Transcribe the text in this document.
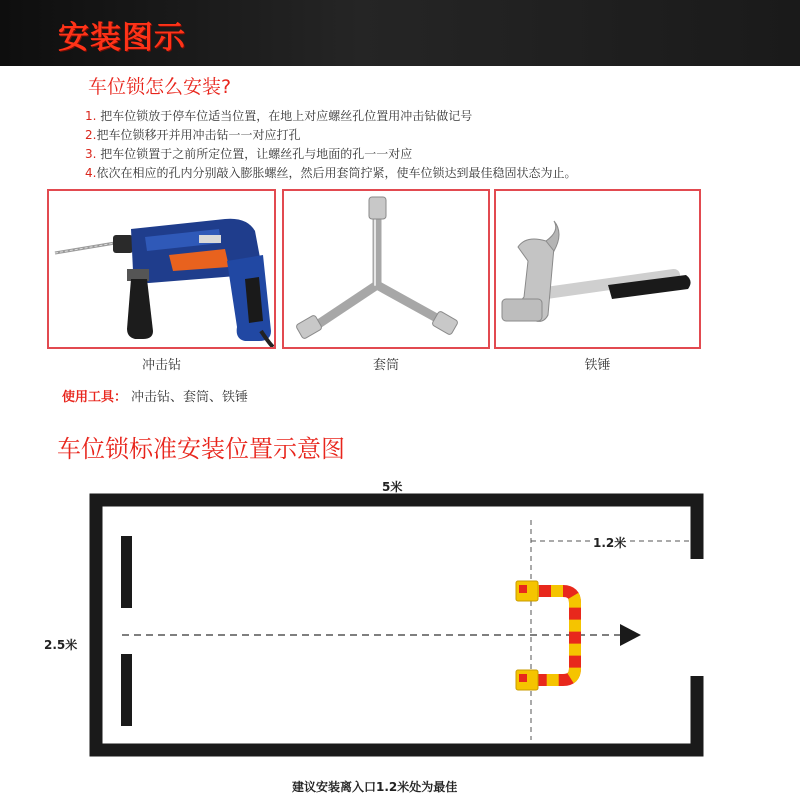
安装图示
车位锁怎么安装?
1. 把车位锁放于停车位适当位置，在地上对应螺丝孔位置用冲击钻做记号
2.把车位锁移开并用冲击钻一一对应打孔
3. 把车位锁置于之前所定位置，让螺丝孔与地面的孔一一对应
4.依次在相应的孔内分别敲入膨胀螺丝，然后用套筒拧紧，使车位锁达到最佳稳固状态为止。
冲击钻	套筒	铁锤
使用工具： 冲击钻、套筒、铁锤
车位锁标准安装位置示意图
5米
2.5米
1.2米
建议安装离入口1.2米处为最佳
